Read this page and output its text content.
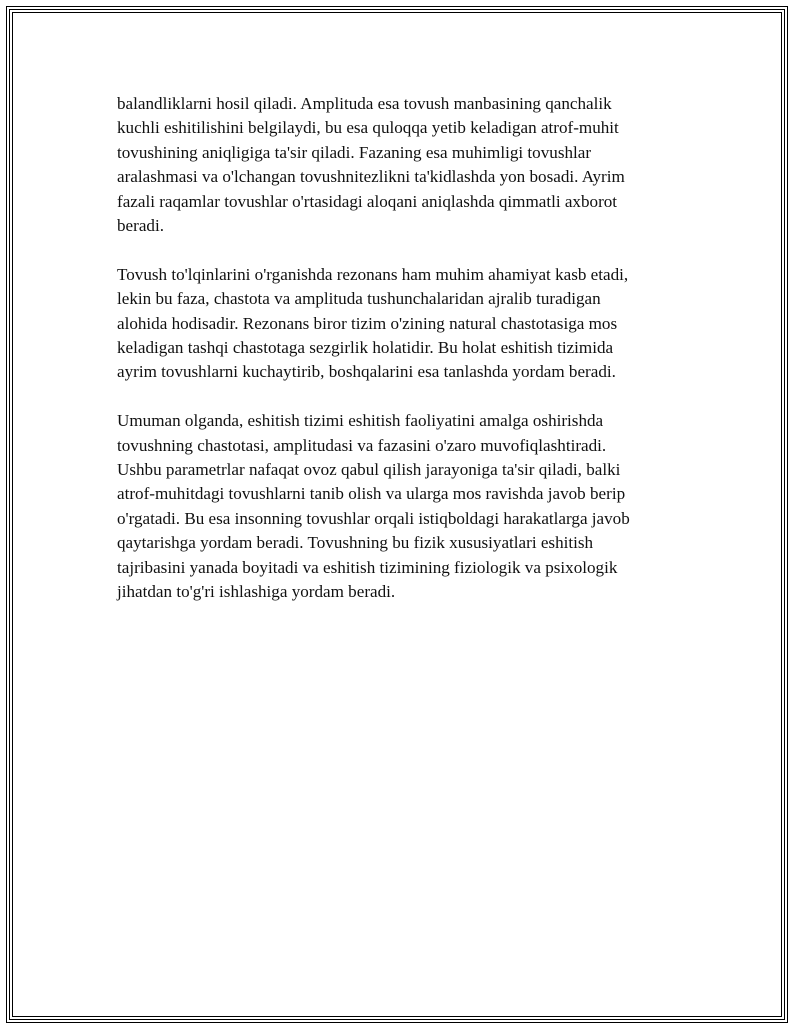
balandliklarni hosil qiladi. Amplituda esa tovush manbasining qanchalik
kuchli eshitilishini belgilaydi, bu esa quloqqa yetib keladigan atrof-muhit
tovushining aniqligiga ta'sir qiladi. Fazaning esa muhimligi tovushlar
aralashmasi va o'lchangan tovushnitezlikni ta'kidlashda yon bosadi. Ayrim
fazali raqamlar tovushlar o'rtasidagi aloqani aniqlashda qimmatli axborot
beradi.

Tovush to'lqinlarini o'rganishda rezonans ham muhim ahamiyat kasb etadi,
lekin bu faza, chastota va amplituda tushunchalaridan ajralib turadigan
alohida hodisadir. Rezonans biror tizim o'zining natural chastotasiga mos
keladigan tashqi chastotaga sezgirlik holatidir. Bu holat eshitish tizimida
ayrim tovushlarni kuchaytirib, boshqalarini esa tanlashda yordam beradi.

Umuman olganda, eshitish tizimi eshitish faoliyatini amalga oshirishda
tovushning chastotasi, amplitudasi va fazasini o'zaro muvofiqlashtiradi.
Ushbu parametrlar nafaqat ovoz qabul qilish jarayoniga ta'sir qiladi, balki
atrof-muhitdagi tovushlarni tanib olish va ularga mos ravishda javob berip
o'rgatadi. Bu esa insonning tovushlar orqali istiqboldagi harakatlarga javob
qaytarishga yordam beradi. Tovushning bu fizik xususiyatlari eshitish
tajribasini yanada boyitadi va eshitish tizimining fiziologik va psixologik
jihatdan to'g'ri ishlashiga yordam beradi.
